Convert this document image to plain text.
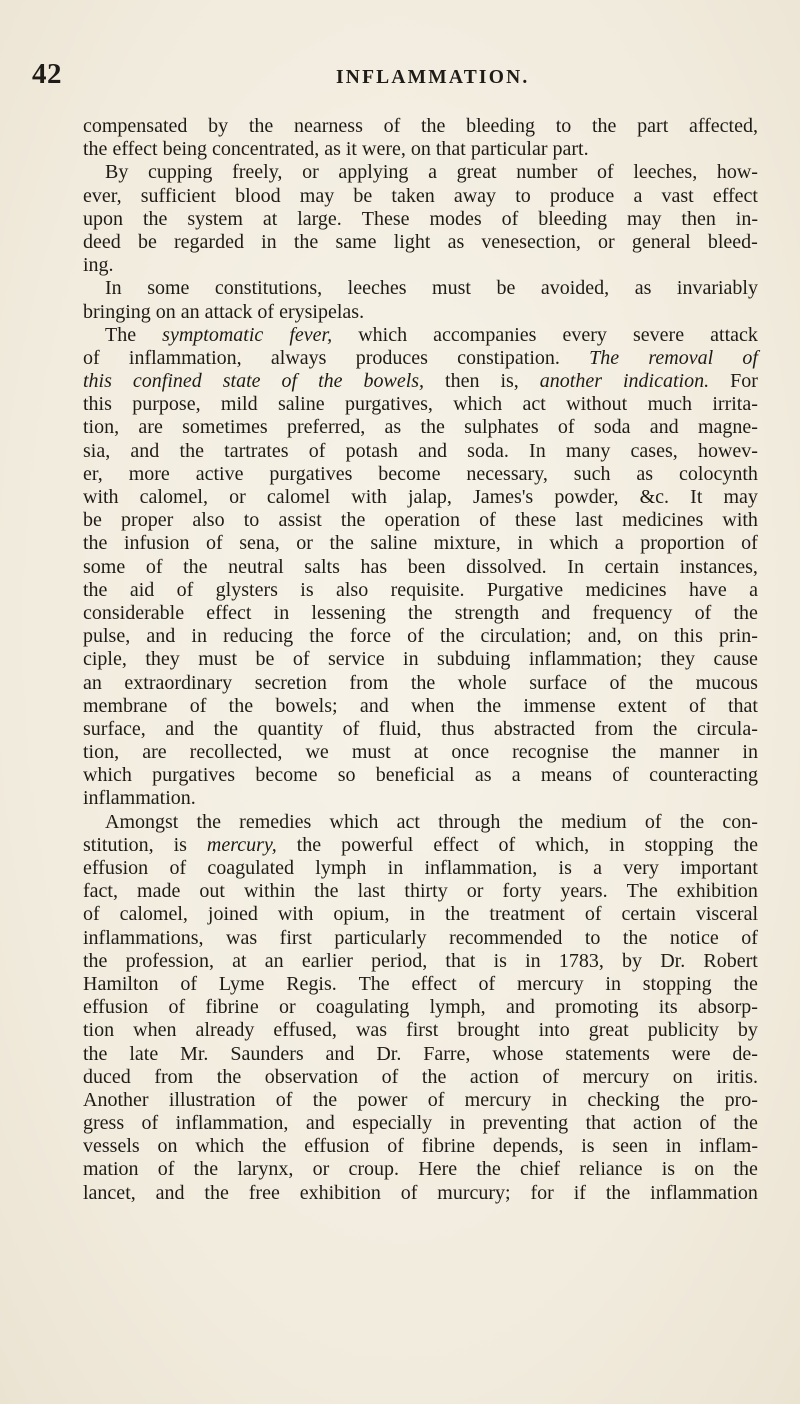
42	INFLAMMATION.
compensated by the nearness of the bleeding to the part affected,
the effect being concentrated, as it were, on that particular part.
By cupping freely, or applying a great number of leeches, how-
ever, sufficient blood may be taken away to produce a vast effect
upon the system at large. These modes of bleeding may then in-
deed be regarded in the same light as venesection, or general bleed-
ing.
In some constitutions, leeches must be avoided, as invariably
bringing on an attack of erysipelas.
The symptomatic fever, which accompanies every severe attack
of inflammation, always produces constipation. The removal of
this confined state of the bowels, then is, another indication. For
this purpose, mild saline purgatives, which act without much irrita-
tion, are sometimes preferred, as the sulphates of soda and magne-
sia, and the tartrates of potash and soda. In many cases, howev-
er, more active purgatives become necessary, such as colocynth
with calomel, or calomel with jalap, James's powder, &c. It may
be proper also to assist the operation of these last medicines with
the infusion of sena, or the saline mixture, in which a proportion of
some of the neutral salts has been dissolved. In certain instances,
the aid of glysters is also requisite. Purgative medicines have a
considerable effect in lessening the strength and frequency of the
pulse, and in reducing the force of the circulation; and, on this prin-
ciple, they must be of service in subduing inflammation; they cause
an extraordinary secretion from the whole surface of the mucous
membrane of the bowels; and when the immense extent of that
surface, and the quantity of fluid, thus abstracted from the circula-
tion, are recollected, we must at once recognise the manner in
which purgatives become so beneficial as a means of counteracting
inflammation.
Amongst the remedies which act through the medium of the con-
stitution, is mercury, the powerful effect of which, in stopping the
effusion of coagulated lymph in inflammation, is a very important
fact, made out within the last thirty or forty years. The exhibition
of calomel, joined with opium, in the treatment of certain visceral
inflammations, was first particularly recommended to the notice of
the profession, at an earlier period, that is in 1783, by Dr. Robert
Hamilton of Lyme Regis. The effect of mercury in stopping the
effusion of fibrine or coagulating lymph, and promoting its absorp-
tion when already effused, was first brought into great publicity by
the late Mr. Saunders and Dr. Farre, whose statements were de-
duced from the observation of the action of mercury on iritis.
Another illustration of the power of mercury in checking the pro-
gress of inflammation, and especially in preventing that action of the
vessels on which the effusion of fibrine depends, is seen in inflam-
mation of the larynx, or croup. Here the chief reliance is on the
lancet, and the free exhibition of murcury; for if the inflammation
